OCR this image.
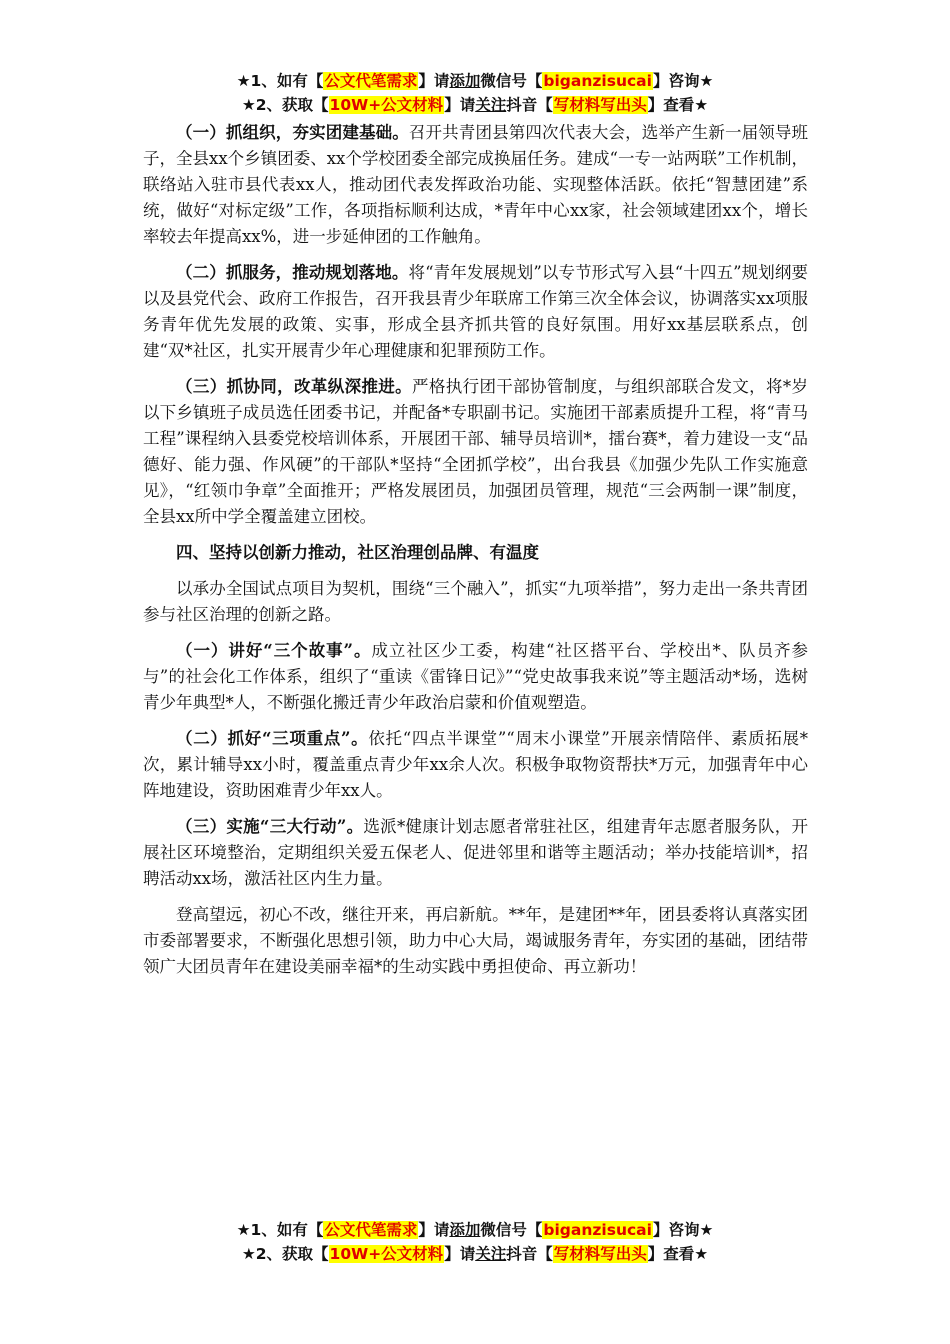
★1、如有【公文代笔需求】请添加微信号【biganzisucai】咨询★
★2、获取【10W+公文材料】请关注抖音【写材料写出头】查看★

（一）抓组织，夯实团建基础。召开共青团县第四次代表大会，选举产生新一届领导班子，全县xx个乡镇团委、xx个学校团委全部完成换届任务。建成“一专一站两联”工作机制，联络站入驻市县代表xx人，推动团代表发挥政治功能、实现整体活跃。依托“智慧团建”系统，做好“对标定级”工作，各项指标顺利达成，*青年中心xx家，社会领域建团xx个，增长率较去年提高xx%，进一步延伸团的工作触角。

（二）抓服务，推动规划落地。将“青年发展规划”以专节形式写入县“十四五”规划纲要以及县党代会、政府工作报告，召开我县青少年联席工作第三次全体会议，协调落实xx项服务青年优先发展的政策、实事，形成全县齐抓共管的良好氛围。用好xx基层联系点，创建“双*社区，扎实开展青少年心理健康和犯罪预防工作。

（三）抓协同，改革纵深推进。严格执行团干部协管制度，与组织部联合发文，将*岁以下乡镇班子成员选任团委书记，并配备*专职副书记。实施团干部素质提升工程，将“青马工程”课程纳入县委党校培训体系，开展团干部、辅导员培训*，擂台赛*，着力建设一支“品德好、能力强、作风硬”的干部队*坚持“全团抓学校”，出台我县《加强少先队工作实施意见》，“红领巾争章”全面推开；严格发展团员，加强团员管理，规范“三会两制一课”制度，全县xx所中学全覆盖建立团校。

四、坚持以创新力推动，社区治理创品牌、有温度

以承办全国试点项目为契机，围绕“三个融入”，抓实“九项举措”，努力走出一条共青团参与社区治理的创新之路。

（一）讲好“三个故事”。成立社区少工委，构建“社区搭平台、学校出*、队员齐参与”的社会化工作体系，组织了“重读《雷锋日记》”“党史故事我来说”等主题活动*场，选树青少年典型*人，不断强化搬迁青少年政治启蒙和价值观塑造。

（二）抓好“三项重点”。依托“四点半课堂”“周末小课堂”开展亲情陪伴、素质拓展*次，累计辅导xx小时，覆盖重点青少年xx余人次。积极争取物资帮扶*万元，加强青年中心阵地建设，资助困难青少年xx人。

（三）实施“三大行动”。选派*健康计划志愿者常驻社区，组建青年志愿者服务队，开展社区环境整治，定期组织关爱五保老人、促进邻里和谐等主题活动；举办技能培训*，招聘活动xx场，激活社区内生力量。

登高望远，初心不改，继往开来，再启新航。**年，是建团**年，团县委将认真落实团市委部署要求，不断强化思想引领，助力中心大局，竭诚服务青年，夯实团的基础，团结带领广大团员青年在建设美丽幸福*的生动实践中勇担使命、再立新功！

★1、如有【公文代笔需求】请添加微信号【biganzisucai】咨询★
★2、获取【10W+公文材料】请关注抖音【写材料写出头】查看★
